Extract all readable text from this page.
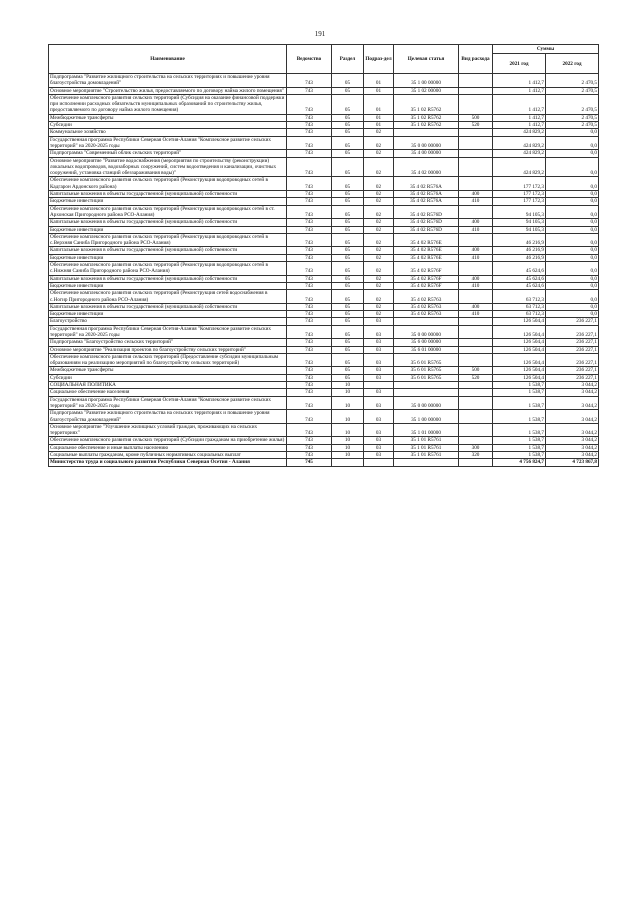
191
Наименование	Ведомство	Раздел	Подраз-дел	Целевая статья	Вид расхода	Суммы	
						2021 год	2022 год
Подпрограмма "Развитие жилищного строительства на сельских территориях и повышение уровня благоустройства домовладений"	743	05	01	35 1 00 00000		1 412,7	2 470,5
Основное мероприятие "Строительство жилья, предоставляемого по договору найма жилого помещения"	743	05	01	35 1 02 00000		1 412,7	2 470,5
Обеспечение комплексного развития сельских территорий (Субсидия на оказание финансовой поддержки при исполнении расходных обязательств муниципальных образований по строительству жилья, предоставляемого по договору найма жилого помещения)	743	05	01	35 1 02 R5762		1 412,7	2 470,5
Межбюджетные трансферты	743	05	01	35 1 02 R5762	500	1 412,7	2 470,5
Субсидии	743	05	01	35 1 02 R5762	520	1 412,7	2 470,5
Коммунальное хозяйство	743	05	02			424 829,2	0,0
Государственная программа Республики Северная Осетия-Алания "Комплексное развитие сельских территорий" на 2020-2025 годы	743	05	02	35 0 00 00000		424 829,2	0,0
Подпрограмма "Современный облик сельских территорий"	743	05	02	35 4 00 00000		424 829,2	0,0
Основное мероприятие "Развитие водоснабжения (мероприятия по строительству (реконструкции) локальных водопроводов, водозаборных сооружений, систем водоотведения и канализации, очистных сооружений, установка станций обеззараживания воды)"	743	05	02	35 4 02 00000		424 829,2	0,0
Обеспечение комплексного развития сельских территорий (Реконструкция водопроводных сетей в Кадгарон Ардонского района)	743	05	02	35 4 02 R576A		177 172,3	0,0
Капитальные вложения в объекты государственной (муниципальной) собственности	743	05	02	35 4 02 R576A	400	177 172,3	0,0
Бюджетные инвестиции	743	05	02	35 4 02 R576A	410	177 172,3	0,0
Обеспечение комплексного развития сельских территорий (Реконструкция водопроводных сетей в ст. Архонская Пригородного района РСО-Алания)	743	05	02	35 4 02 R576D		94 105,3	0,0
Капитальные вложения в объекты государственной (муниципальной) собственности	743	05	02	35 4 02 R576D	400	94 105,3	0,0
Бюджетные инвестиции	743	05	02	35 4 02 R576D	410	94 105,3	0,0
Обеспечение комплексного развития сельских территорий (Реконструкция водопроводных сетей в с.Верхняя Саниба Пригородного района РСО-Алания)	743	05	02	35 4 02 R576E		46 216,9	0,0
Капитальные вложения в объекты государственной (муниципальной) собственности	743	05	02	35 4 02 R576E	400	46 216,9	0,0
Бюджетные инвестиции	743	05	02	35 4 02 R576E	410	46 216,9	0,0
Обеспечение комплексного развития сельских территорий (Реконструкция водопроводных сетей в с.Нижняя Саниба Пригородного района РСО-Алания)	743	05	02	35 4 02 R576F		45 624,6	0,0
Капитальные вложения в объекты государственной (муниципальной) собственности	743	05	02	35 4 02 R576F	400	45 624,6	0,0
Бюджетные инвестиции	743	05	02	35 4 02 R576F	410	45 624,6	0,0
Обеспечение комплексного развития сельских территорий (Реконструкция сетей водоснабжения в с.Ногир Пригородного района РСО-Алания)	743	05	02	35 4 02 R5763		63 712,3	0,0
Капитальные вложения в объекты государственной (муниципальной) собственности	743	05	02	35 4 02 R5763	400	63 712,3	0,0
Бюджетные инвестиции	743	05	02	35 4 02 R5763	410	63 712,3	0,0
Благоустройство	743	05	03			126 504,4	236 227,1
Государственная программа Республики Северная Осетия-Алания "Комплексное развитие сельских территорий" на 2020-2025 годы	743	05	03	35 0 00 00000		126 504,4	236 227,1
Подпрограмма "Благоустройство сельских территорий"	743	05	03	35 6 00 00000		126 504,4	236 227,1
Основное мероприятие "Реализация проектов по благоустройству сельских территорий"	743	05	03	35 6 01 00000		126 504,4	236 227,1
Обеспечение комплексного развития сельских территорий (Предоставление субсидии муниципальным образованиям на реализацию мероприятий по благоустройству сельских территорий)	743	05	03	35 6 01 R5765		126 504,4	236 227,1
Межбюджетные трансферты	743	05	03	35 6 01 R5765	500	126 504,4	236 227,1
Субсидии	743	05	03	35 6 01 R5765	520	126 504,4	236 227,1
СОЦИАЛЬНАЯ ПОЛИТИКА	743	10				1 538,7	3 044,2
Социальное обеспечение населения	743	10	03			1 538,7	3 044,2
Государственная программа Республики Северная Осетия-Алания "Комплексное развитие сельских территорий" на 2020-2025 годы	743	10	03	35 0 00 00000		1 538,7	3 044,2
Подпрограмма "Развитие жилищного строительства на сельских территориях и повышение уровня благоустройства домовладений"	743	10	03	35 1 00 00000		1 538,7	3 044,2
Основное мероприятие "Улучшение жилищных условий граждан, проживающих на сельских территориях"	743	10	03	35 1 01 00000		1 538,7	3 044,2
Обеспечение комплексного развития сельских территорий (Субсидии гражданам на приобретение жилья)	743	10	03	35 1 01 R5761		1 538,7	3 044,2
Социальное обеспечение и иные выплаты населению	743	10	03	35 1 01 R5761	300	1 538,7	3 044,2
Социальные выплаты гражданам, кроме публичных нормативных социальных выплат	743	10	03	35 1 01 R5761	320	1 538,7	3 044,2
Министерство труда и социального развития Республики Северная Осетия - Алания	745					4 756 824,7	4 723 867,8
